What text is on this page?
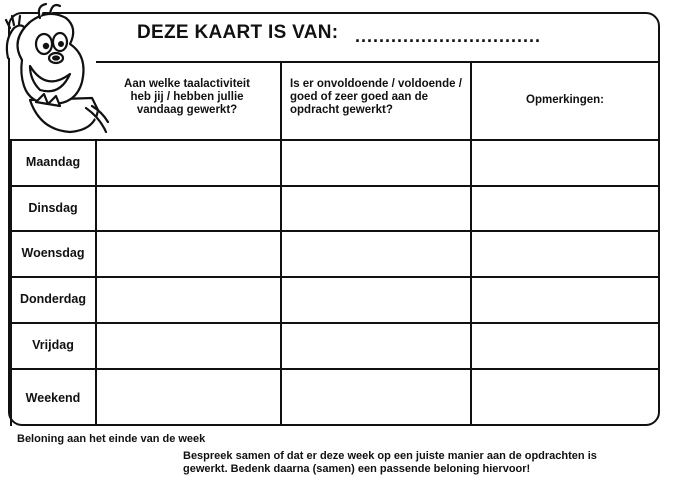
DEZE KAART IS VAN: ...............................
Aan welke taalactiviteit heb jij / hebben jullie vandaag gewerkt?
Is er onvoldoende / voldoende / goed of zeer goed aan de opdracht gewerkt?
Opmerkingen:
Maandag
Dinsdag
Woensdag
Donderdag
Vrijdag
Weekend
Beloning aan het einde van de week
Bespreek samen of dat er deze week op een juiste manier aan de opdrachten is gewerkt. Bedenk daarna (samen) een passende beloning hiervoor!
